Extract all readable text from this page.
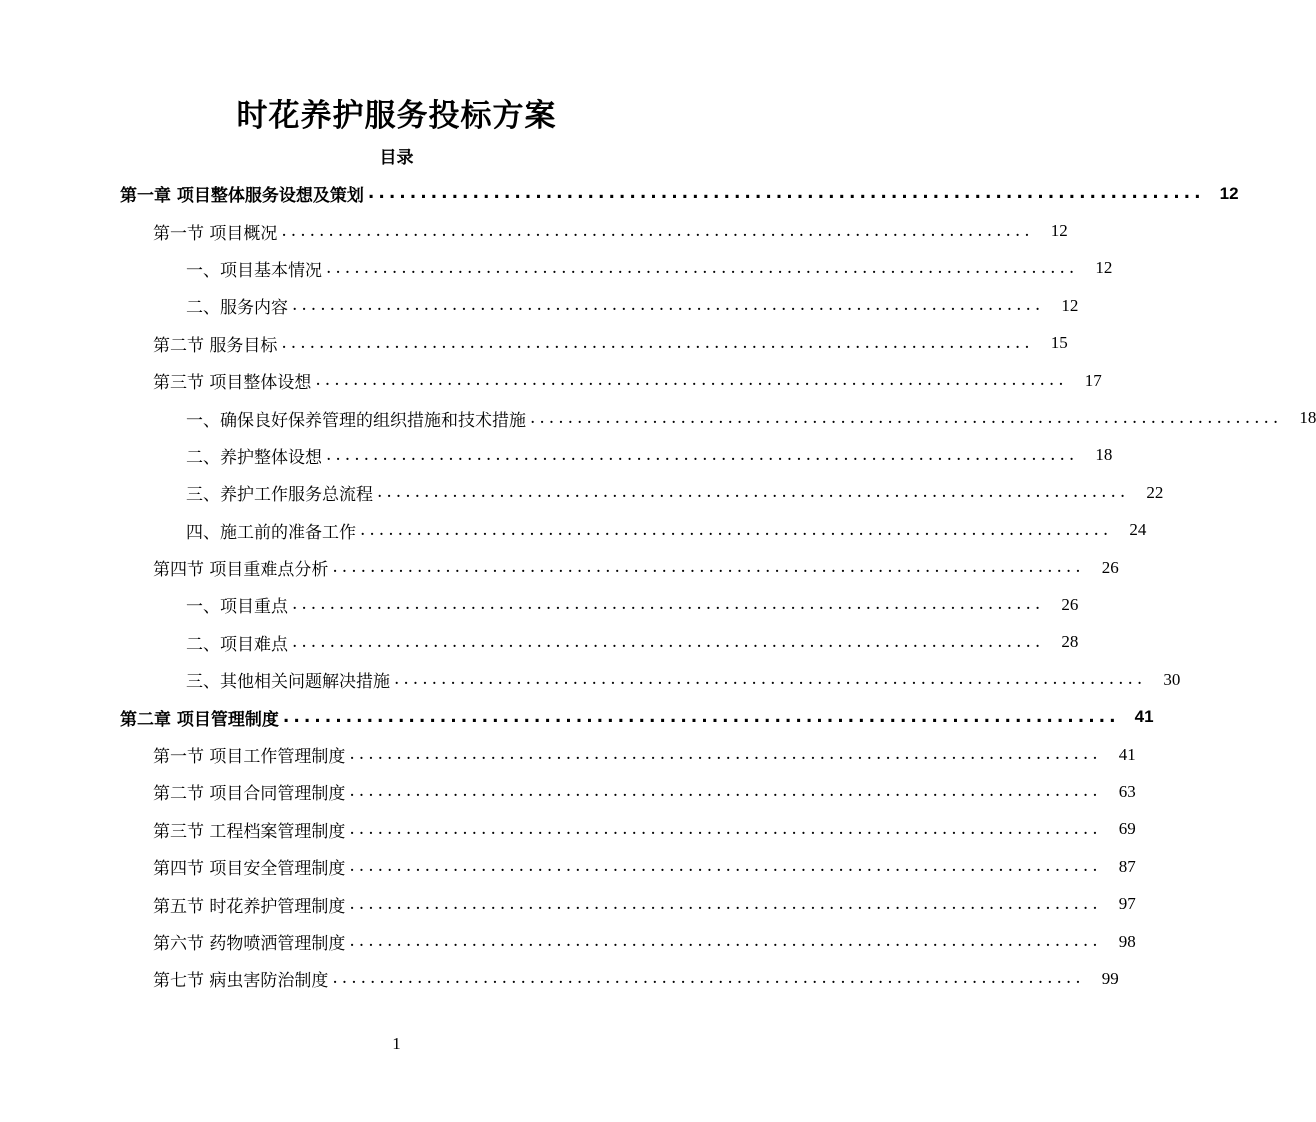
时花养护服务投标方案
目录
第一章 项目整体服务设想及策划 ................................................................................ 12
第一节 项目概况 ................................................................................	12
一、项目基本情况 ................................................................................	12
二、服务内容 ................................................................................	12
第二节 服务目标 ................................................................................	15
第三节 项目整体设想 ................................................................................	17
一、确保良好保养管理的组织措施和技术措施 ................................................................................	18
二、养护整体设想 ................................................................................	18
三、养护工作服务总流程 ................................................................................	22
四、施工前的准备工作 ................................................................................	24
第四节 项目重难点分析 ................................................................................	26
一、项目重点 ................................................................................	26
二、项目难点 ................................................................................	28
三、其他相关问题解决措施 ................................................................................	30
第二章 项目管理制度 ................................................................................ 41
第一节 项目工作管理制度 ................................................................................	41
第二节 项目合同管理制度 ................................................................................	63
第三节 工程档案管理制度 ................................................................................	69
第四节 项目安全管理制度 ................................................................................	87
第五节 时花养护管理制度 ................................................................................	97
第六节 药物喷洒管理制度 ................................................................................	98
第七节 病虫害防治制度 ................................................................................	99
1
